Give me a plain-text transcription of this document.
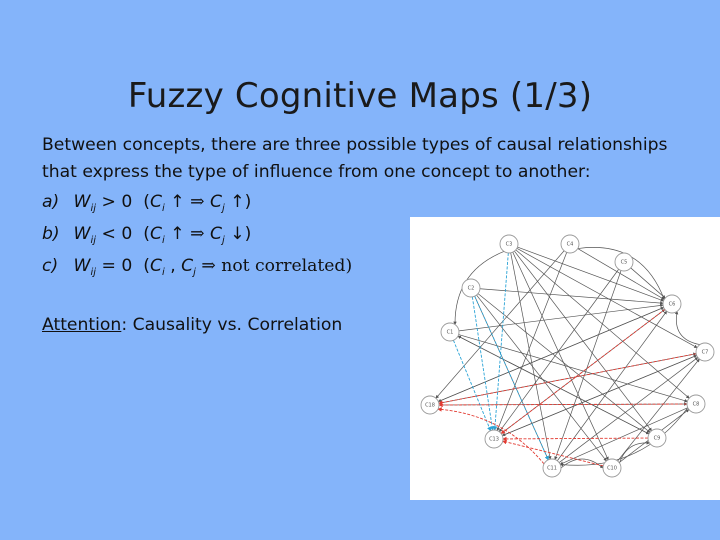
Fuzzy Cognitive Maps (1/3)

Between concepts, there are three possible types of causal relationships that express the type of influence from one concept to another:

a) $W_{ij} > 0$  ($C_i$ ↑ ⇒ $C_j$ ↑)
b) $W_{ij} < 0$  ($C_i$ ↑ ⇒ $C_j$ ↓)
c) $W_{ij} = 0$  ($C_i$ , $C_j$ ⇒ not correlated)
Attention: Causality vs. Correlation
C3	C4
C5
C2
C6
C1
C7
C18	C8
C13	C9
C11	C10
